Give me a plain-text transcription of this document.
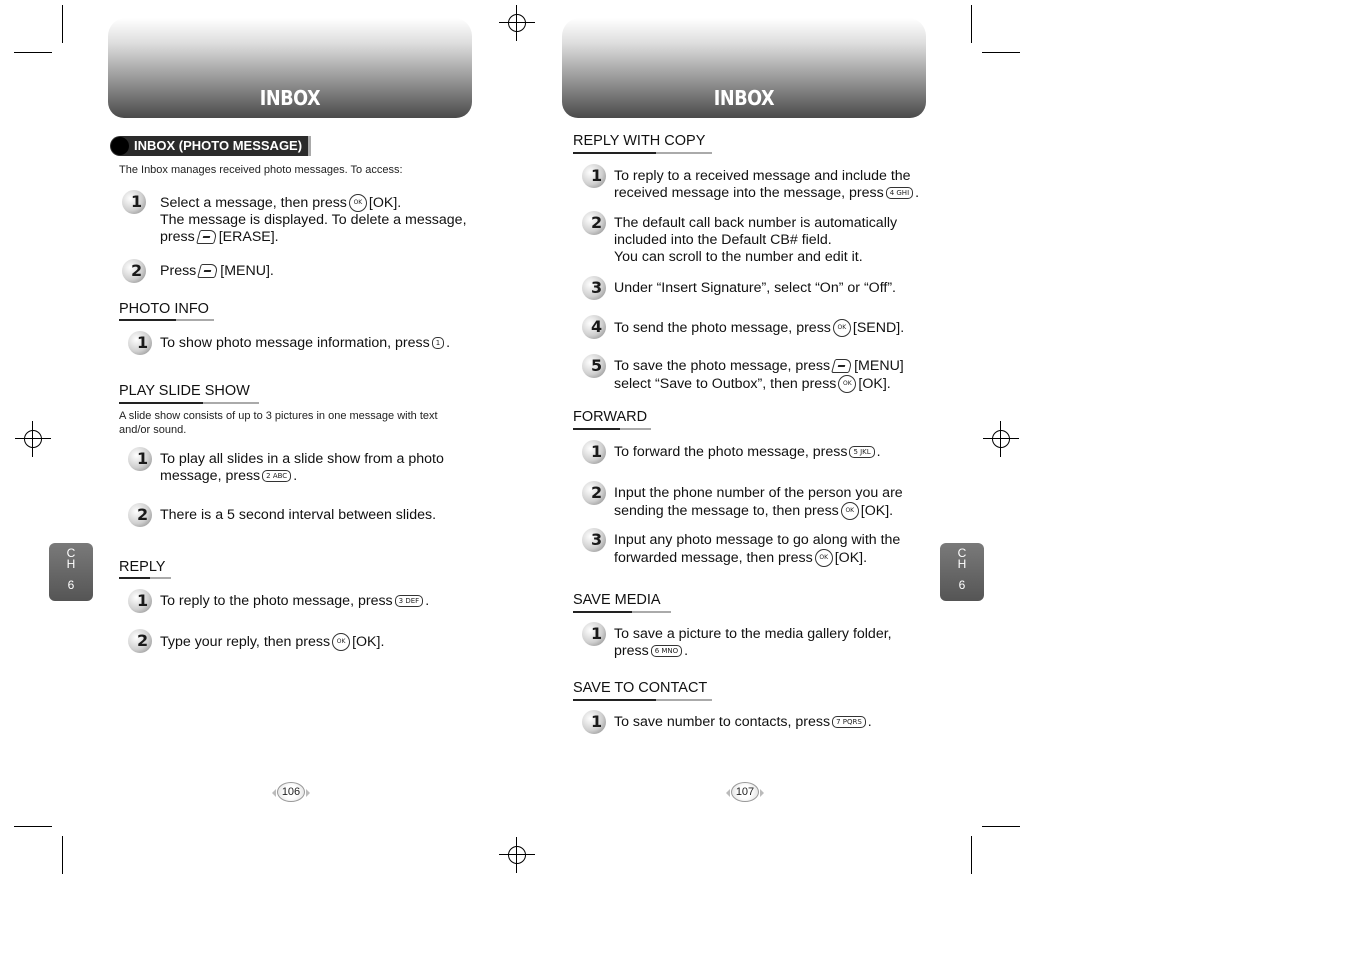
INBOX
INBOX (PHOTO MESSAGE)
The Inbox manages received photo messages. To access:
1 Select a message, then press OK [OK].
The message is displayed. To delete a message,
press [ERASE].
2 Press [MENU].
PHOTO INFO
1 To show photo message information, press 1 .
PLAY SLIDE SHOW
A slide show consists of up to 3 pictures in one message with text
and/or sound.
1 To play all slides in a slide show from a photo
message, press 2 ABC .
2 There is a 5 second interval between slides.
REPLY
1 To reply to the photo message, press 3 DEF .
2 Type your reply, then press OK [OK].
C
H
6
106
INBOX
REPLY WITH COPY
1 To reply to a received message and include the
received message into the message, press 4 GHI .
2 The default call back number is automatically
included into the Default CB# field.
You can scroll to the number and edit it.
3 Under “Insert Signature”, select “On” or “Off”.
4 To send the photo message, press OK [SEND].
5 To save the photo message, press [MENU]
select “Save to Outbox”, then press OK [OK].
FORWARD
1 To forward the photo message, press 5 JKL .
2 Input the phone number of the person you are
sending the message to, then press OK [OK].
3 Input any photo message to go along with the
forwarded message, then press OK [OK].
SAVE MEDIA
1 To save a picture to the media gallery folder,
press 6 MNO .
SAVE TO CONTACT
1 To save number to contacts, press 7 PQRS .
C
H
6
107
